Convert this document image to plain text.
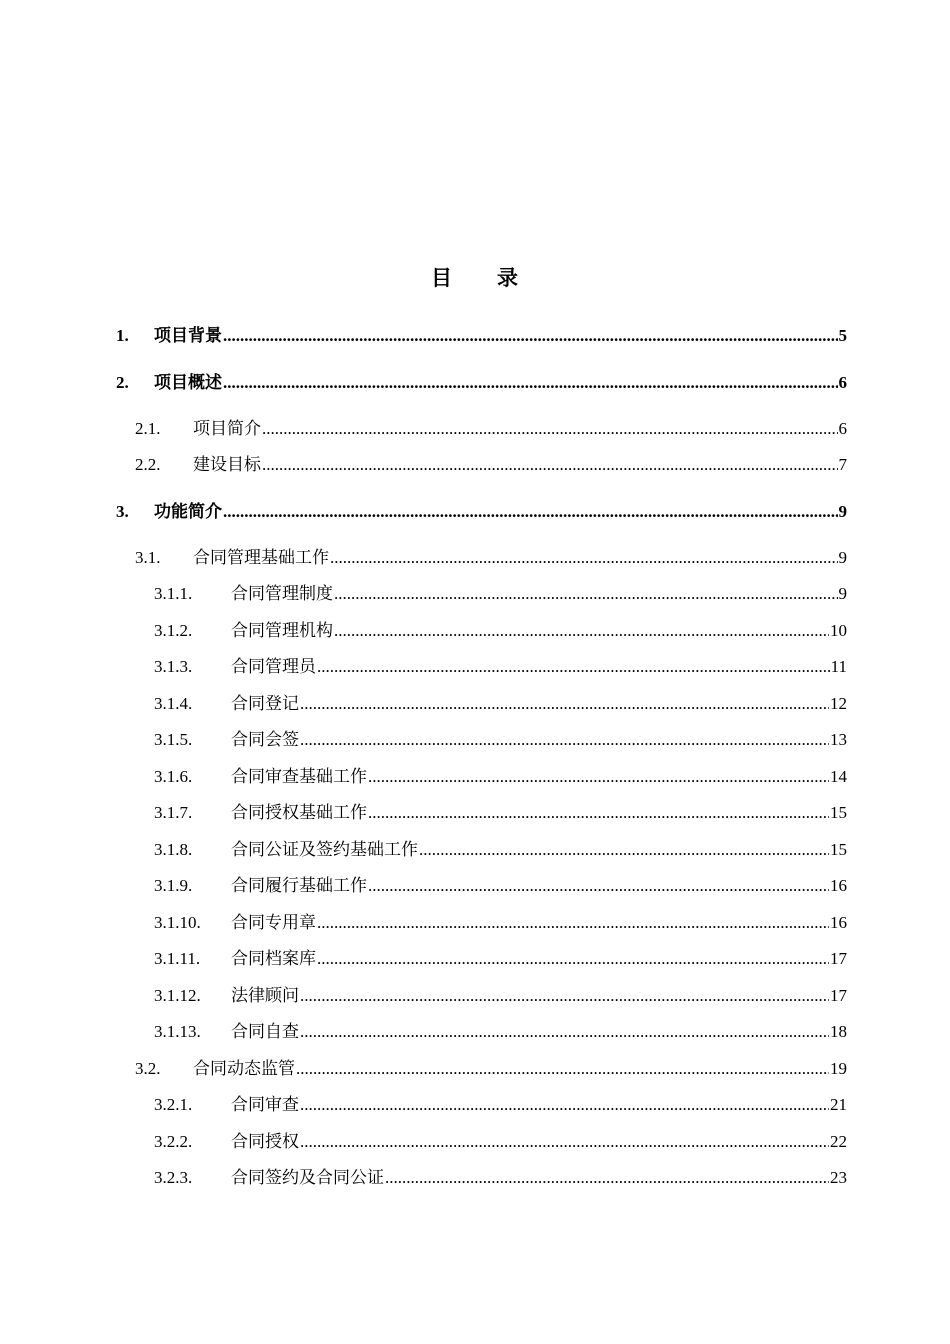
目 录
1.	项目背景 .....	5
2.	项目概述 .....	6
2.1.	项目简介 .....	6
2.2.	建设目标 .....	7
3.	功能简介 .....	9
3.1.	合同管理基础工作 .....	9
3.1.1.	合同管理制度 .....	9
3.1.2.	合同管理机构 .....	10
3.1.3.	合同管理员 .....	11
3.1.4.	合同登记 .....	12
3.1.5.	合同会签 .....	13
3.1.6.	合同审查基础工作 .....	14
3.1.7.	合同授权基础工作 .....	15
3.1.8.	合同公证及签约基础工作 .....	15
3.1.9.	合同履行基础工作 .....	16
3.1.10.	合同专用章 .....	16
3.1.11.	合同档案库 .....	17
3.1.12.	法律顾问 .....	17
3.1.13.	合同自查 .....	18
3.2.	合同动态监管 .....	19
3.2.1.	合同审查 .....	21
3.2.2.	合同授权 .....	22
3.2.3.	合同签约及合同公证 .....	23
